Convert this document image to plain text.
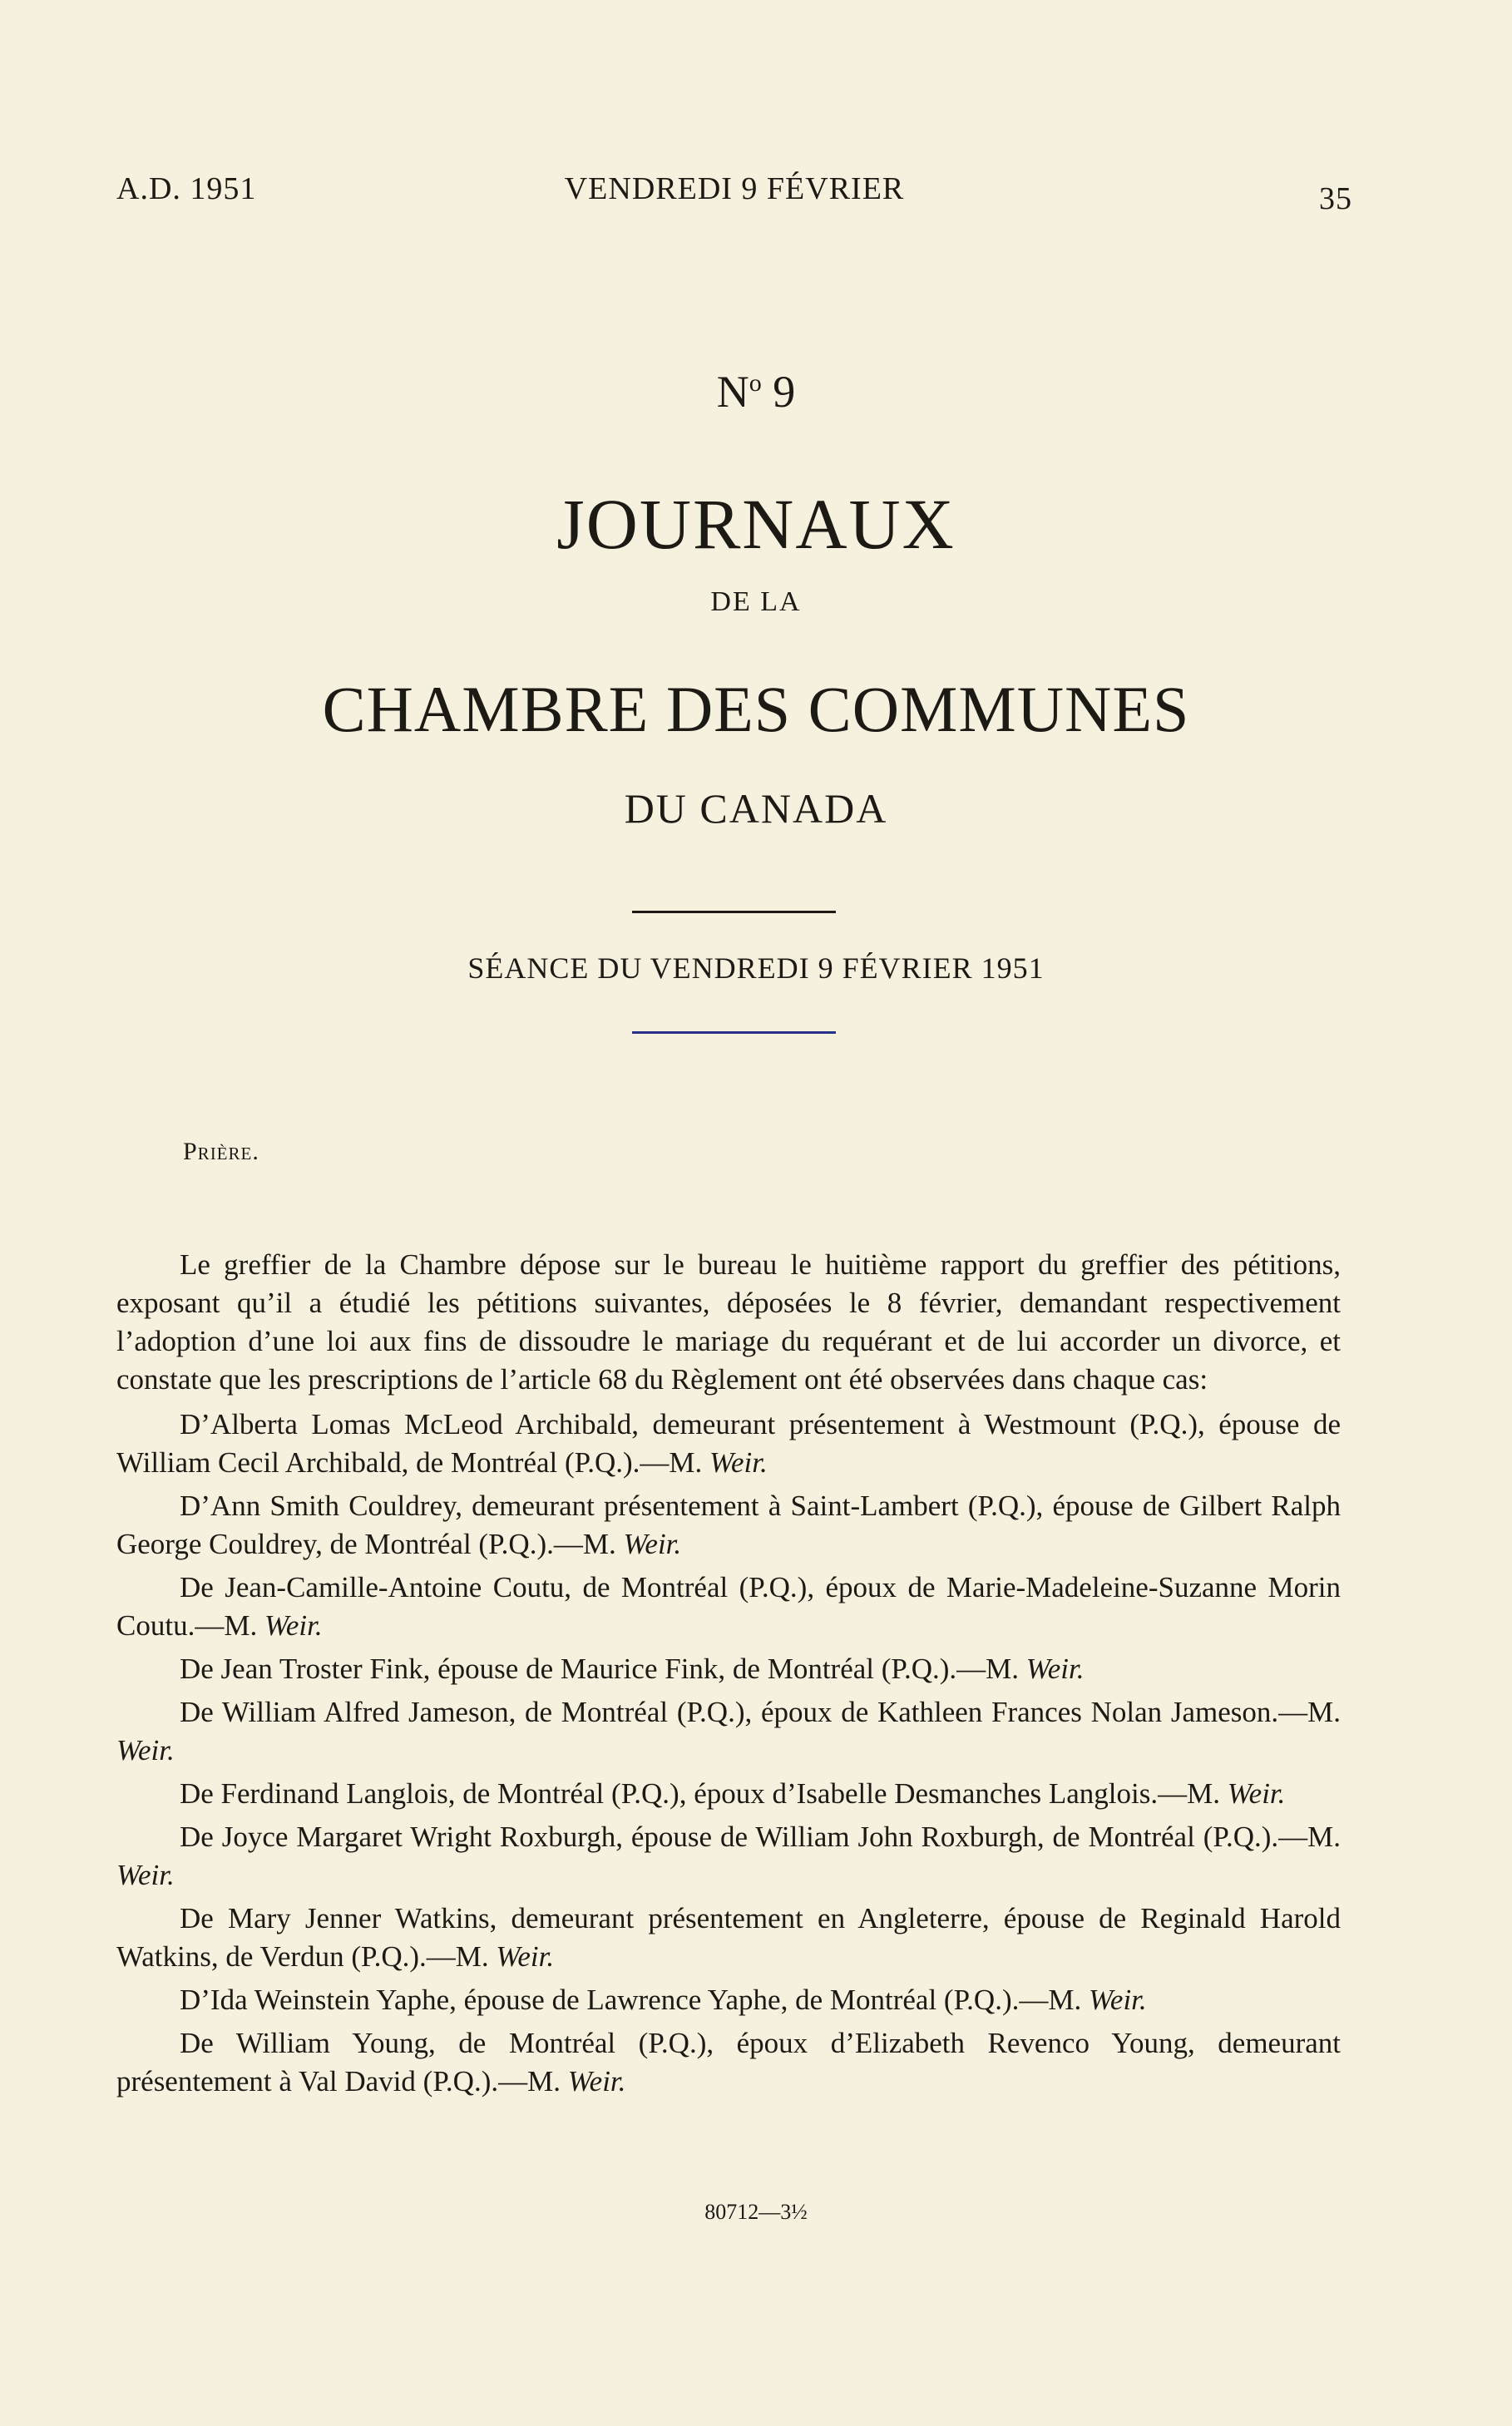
A.D. 1951	VENDREDI 9 FÉVRIER	35
$N^o$ 9
JOURNAUX
DE LA
CHAMBRE DES COMMUNES
DU CANADA
SÉANCE DU VENDREDI 9 FÉVRIER 1951
Prière.

Le greffier de la Chambre dépose sur le bureau le huitième rapport du greffier des pétitions, exposant qu’il a étudié les pétitions suivantes, déposées le 8 février, demandant respectivement l’adoption d’une loi aux fins de dissoudre le mariage du requérant et de lui accorder un divorce, et constate que les prescriptions de l’article 68 du Règlement ont été observées dans chaque cas:

D’Alberta Lomas McLeod Archibald, demeurant présentement à Westmount (P.Q.), épouse de William Cecil Archibald, de Montréal (P.Q.).—M. Weir.

D’Ann Smith Couldrey, demeurant présentement à Saint-Lambert (P.Q.), épouse de Gilbert Ralph George Couldrey, de Montréal (P.Q.).—M. Weir.

De Jean-Camille-Antoine Coutu, de Montréal (P.Q.), époux de Marie-Madeleine-Suzanne Morin Coutu.—M. Weir.

De Jean Troster Fink, épouse de Maurice Fink, de Montréal (P.Q.).—M. Weir.

De William Alfred Jameson, de Montréal (P.Q.), époux de Kathleen Frances Nolan Jameson.—M. Weir.

De Ferdinand Langlois, de Montréal (P.Q.), époux d’Isabelle Desmanches Langlois.—M. Weir.

De Joyce Margaret Wright Roxburgh, épouse de William John Roxburgh, de Montréal (P.Q.).—M. Weir.

De Mary Jenner Watkins, demeurant présentement en Angleterre, épouse de Reginald Harold Watkins, de Verdun (P.Q.).—M. Weir.

D’Ida Weinstein Yaphe, épouse de Lawrence Yaphe, de Montréal (P.Q.).—M. Weir.

De William Young, de Montréal (P.Q.), époux d’Elizabeth Revenco Young, demeurant présentement à Val David (P.Q.).—M. Weir.

80712—3½
